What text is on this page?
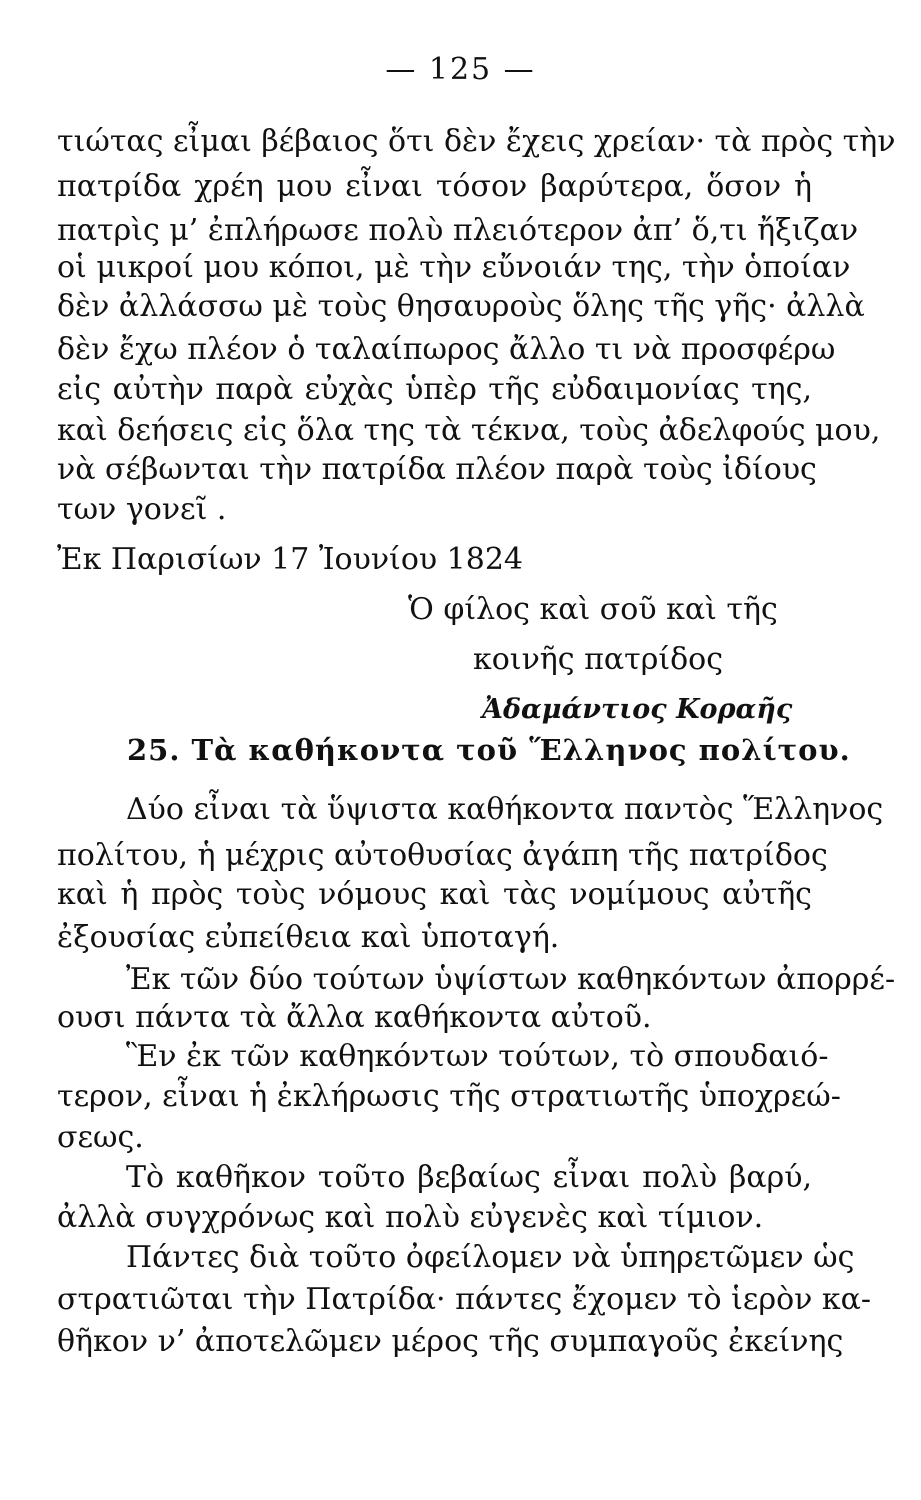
— 125 —
τιώτας εἶμαι βέβαιος ὅτι δὲν ἔχεις χρείαν· τὰ πρὸς τὴν
πατρίδα χρέη μου εἶναι τόσον βαρύτερα, ὅσον ἡ
πατρὶς μ’ ἐπλήρωσε πολὺ πλειότερον ἀπ’ ὅ,τι ἤξιζαν
οἱ μικροί μου κόποι, μὲ τὴν εὔνοιάν της, τὴν ὁποίαν
δὲν ἀλλάσσω μὲ τοὺς θησαυροὺς ὅλης τῆς γῆς· ἀλλὰ
δὲν ἔχω πλέον ὁ ταλαίπωρος ἄλλο τι νὰ προσφέρω
εἰς αὐτὴν παρὰ εὐχὰς ὑπὲρ τῆς εὐδαιμονίας της,
καὶ δεήσεις εἰς ὅλα της τὰ τέκνα, τοὺς ἀδελφούς μου,
νὰ σέβωνται τὴν πατρίδα πλέον παρὰ τοὺς ἰδίους
των γονεῖ .
Ἐκ Παρισίων 17 Ἰουνίου 1824
Ὁ φίλος καὶ σοῦ καὶ τῆς
κοινῆς πατρίδος
Ἀδαμάντιος Κοραῆς
25. Τὰ καθήκοντα τοῦ Ἕλληνος πολίτου.
Δύο εἶναι τὰ ὕψιστα καθήκοντα παντὸς Ἕλληνος
πολίτου, ἡ μέχρις αὐτοθυσίας ἀγάπη τῆς πατρίδος
καὶ ἡ πρὸς τοὺς νόμους καὶ τὰς νομίμους αὐτῆς
ἐξουσίας εὐπείθεια καὶ ὑποταγή.
Ἐκ τῶν δύο τούτων ὑψίστων καθηκόντων ἀπορρέ-
ουσι πάντα τὰ ἄλλα καθήκοντα αὐτοῦ.
Ἓν ἐκ τῶν καθηκόντων τούτων, τὸ σπουδαιό-
τερον, εἶναι ἡ ἐκλήρωσις τῆς στρατιωτῆς ὑποχρεώ-
σεως.
Τὸ καθῆκον τοῦτο βεβαίως εἶναι πολὺ βαρύ,
ἀλλὰ συγχρόνως καὶ πολὺ εὐγενὲς καὶ τίμιον.
Πάντες διὰ τοῦτο ὀφείλομεν νὰ ὑπηρετῶμεν ὡς
στρατιῶται τὴν Πατρίδα· πάντες ἔχομεν τὸ ἱερὸν κα-
θῆκον ν’ ἀποτελῶμεν μέρος τῆς συμπαγοῦς ἐκείνης
